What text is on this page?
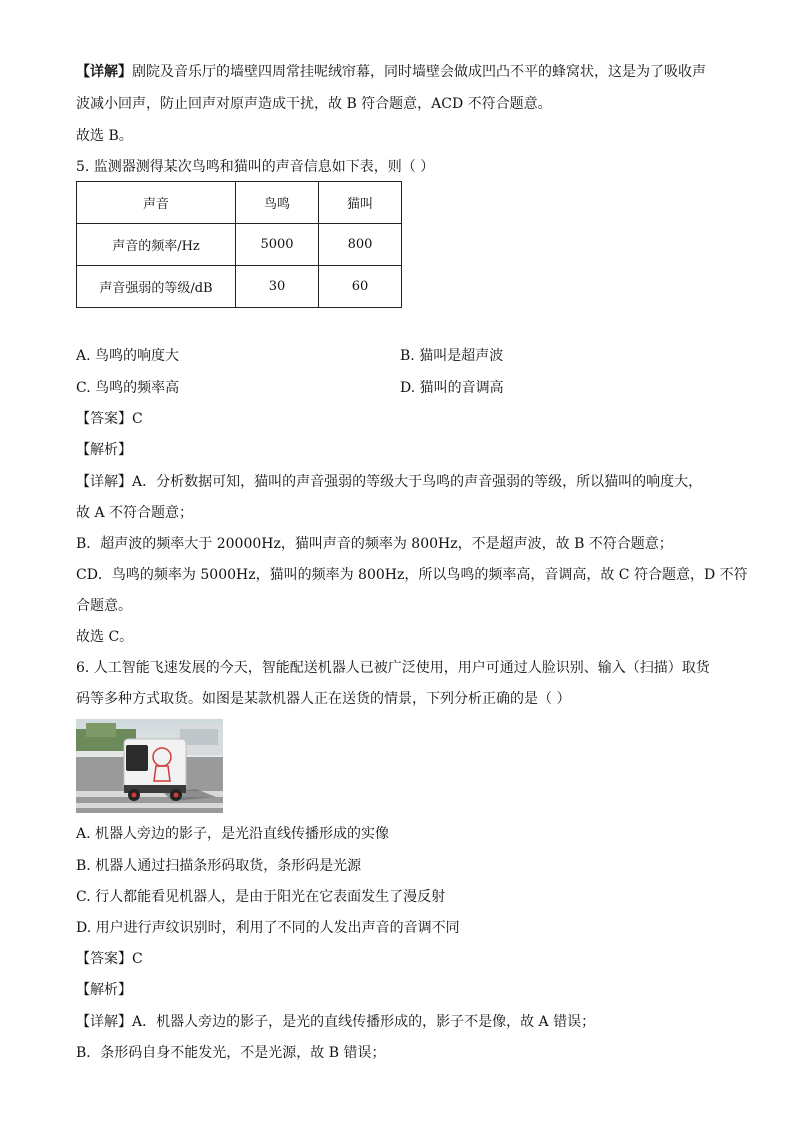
【详解】剧院及音乐厅的墙壁四周常挂呢绒帘幕，同时墙壁会做成凹凸不平的蜂窝状，这是为了吸收声
波减小回声，防止回声对原声造成干扰，故 B 符合题意，ACD 不符合题意。
故选 B。
5. 监测器测得某次鸟鸣和猫叫的声音信息如下表，则（ ）
声音	鸟鸣	猫叫
声音的频率/Hz	5000	800
声音强弱的等级/dB	30	60
A. 鸟鸣的响度大	B. 猫叫是超声波
C. 鸟鸣的频率高	D. 猫叫的音调高
【答案】C
【解析】
【详解】A．分析数据可知，猫叫的声音强弱的等级大于鸟鸣的声音强弱的等级，所以猫叫的响度大，
故 A 不符合题意；
B．超声波的频率大于 20000Hz，猫叫声音的频率为 800Hz，不是超声波，故 B 不符合题意；
CD．鸟鸣的频率为 5000Hz，猫叫的频率为 800Hz，所以鸟鸣的频率高，音调高，故 C 符合题意，D 不符
合题意。
故选 C。
6. 人工智能飞速发展的今天，智能配送机器人已被广泛使用，用户可通过人脸识别、输入（扫描）取货
码等多种方式取货。如图是某款机器人正在送货的情景，下列分析正确的是（ ）
A. 机器人旁边的影子，是光沿直线传播形成的实像
B. 机器人通过扫描条形码取货，条形码是光源
C. 行人都能看见机器人，是由于阳光在它表面发生了漫反射
D. 用户进行声纹识别时，利用了不同的人发出声音的音调不同
【答案】C
【解析】
【详解】A．机器人旁边的影子，是光的直线传播形成的，影子不是像，故 A 错误；
B．条形码自身不能发光，不是光源，故 B 错误；
